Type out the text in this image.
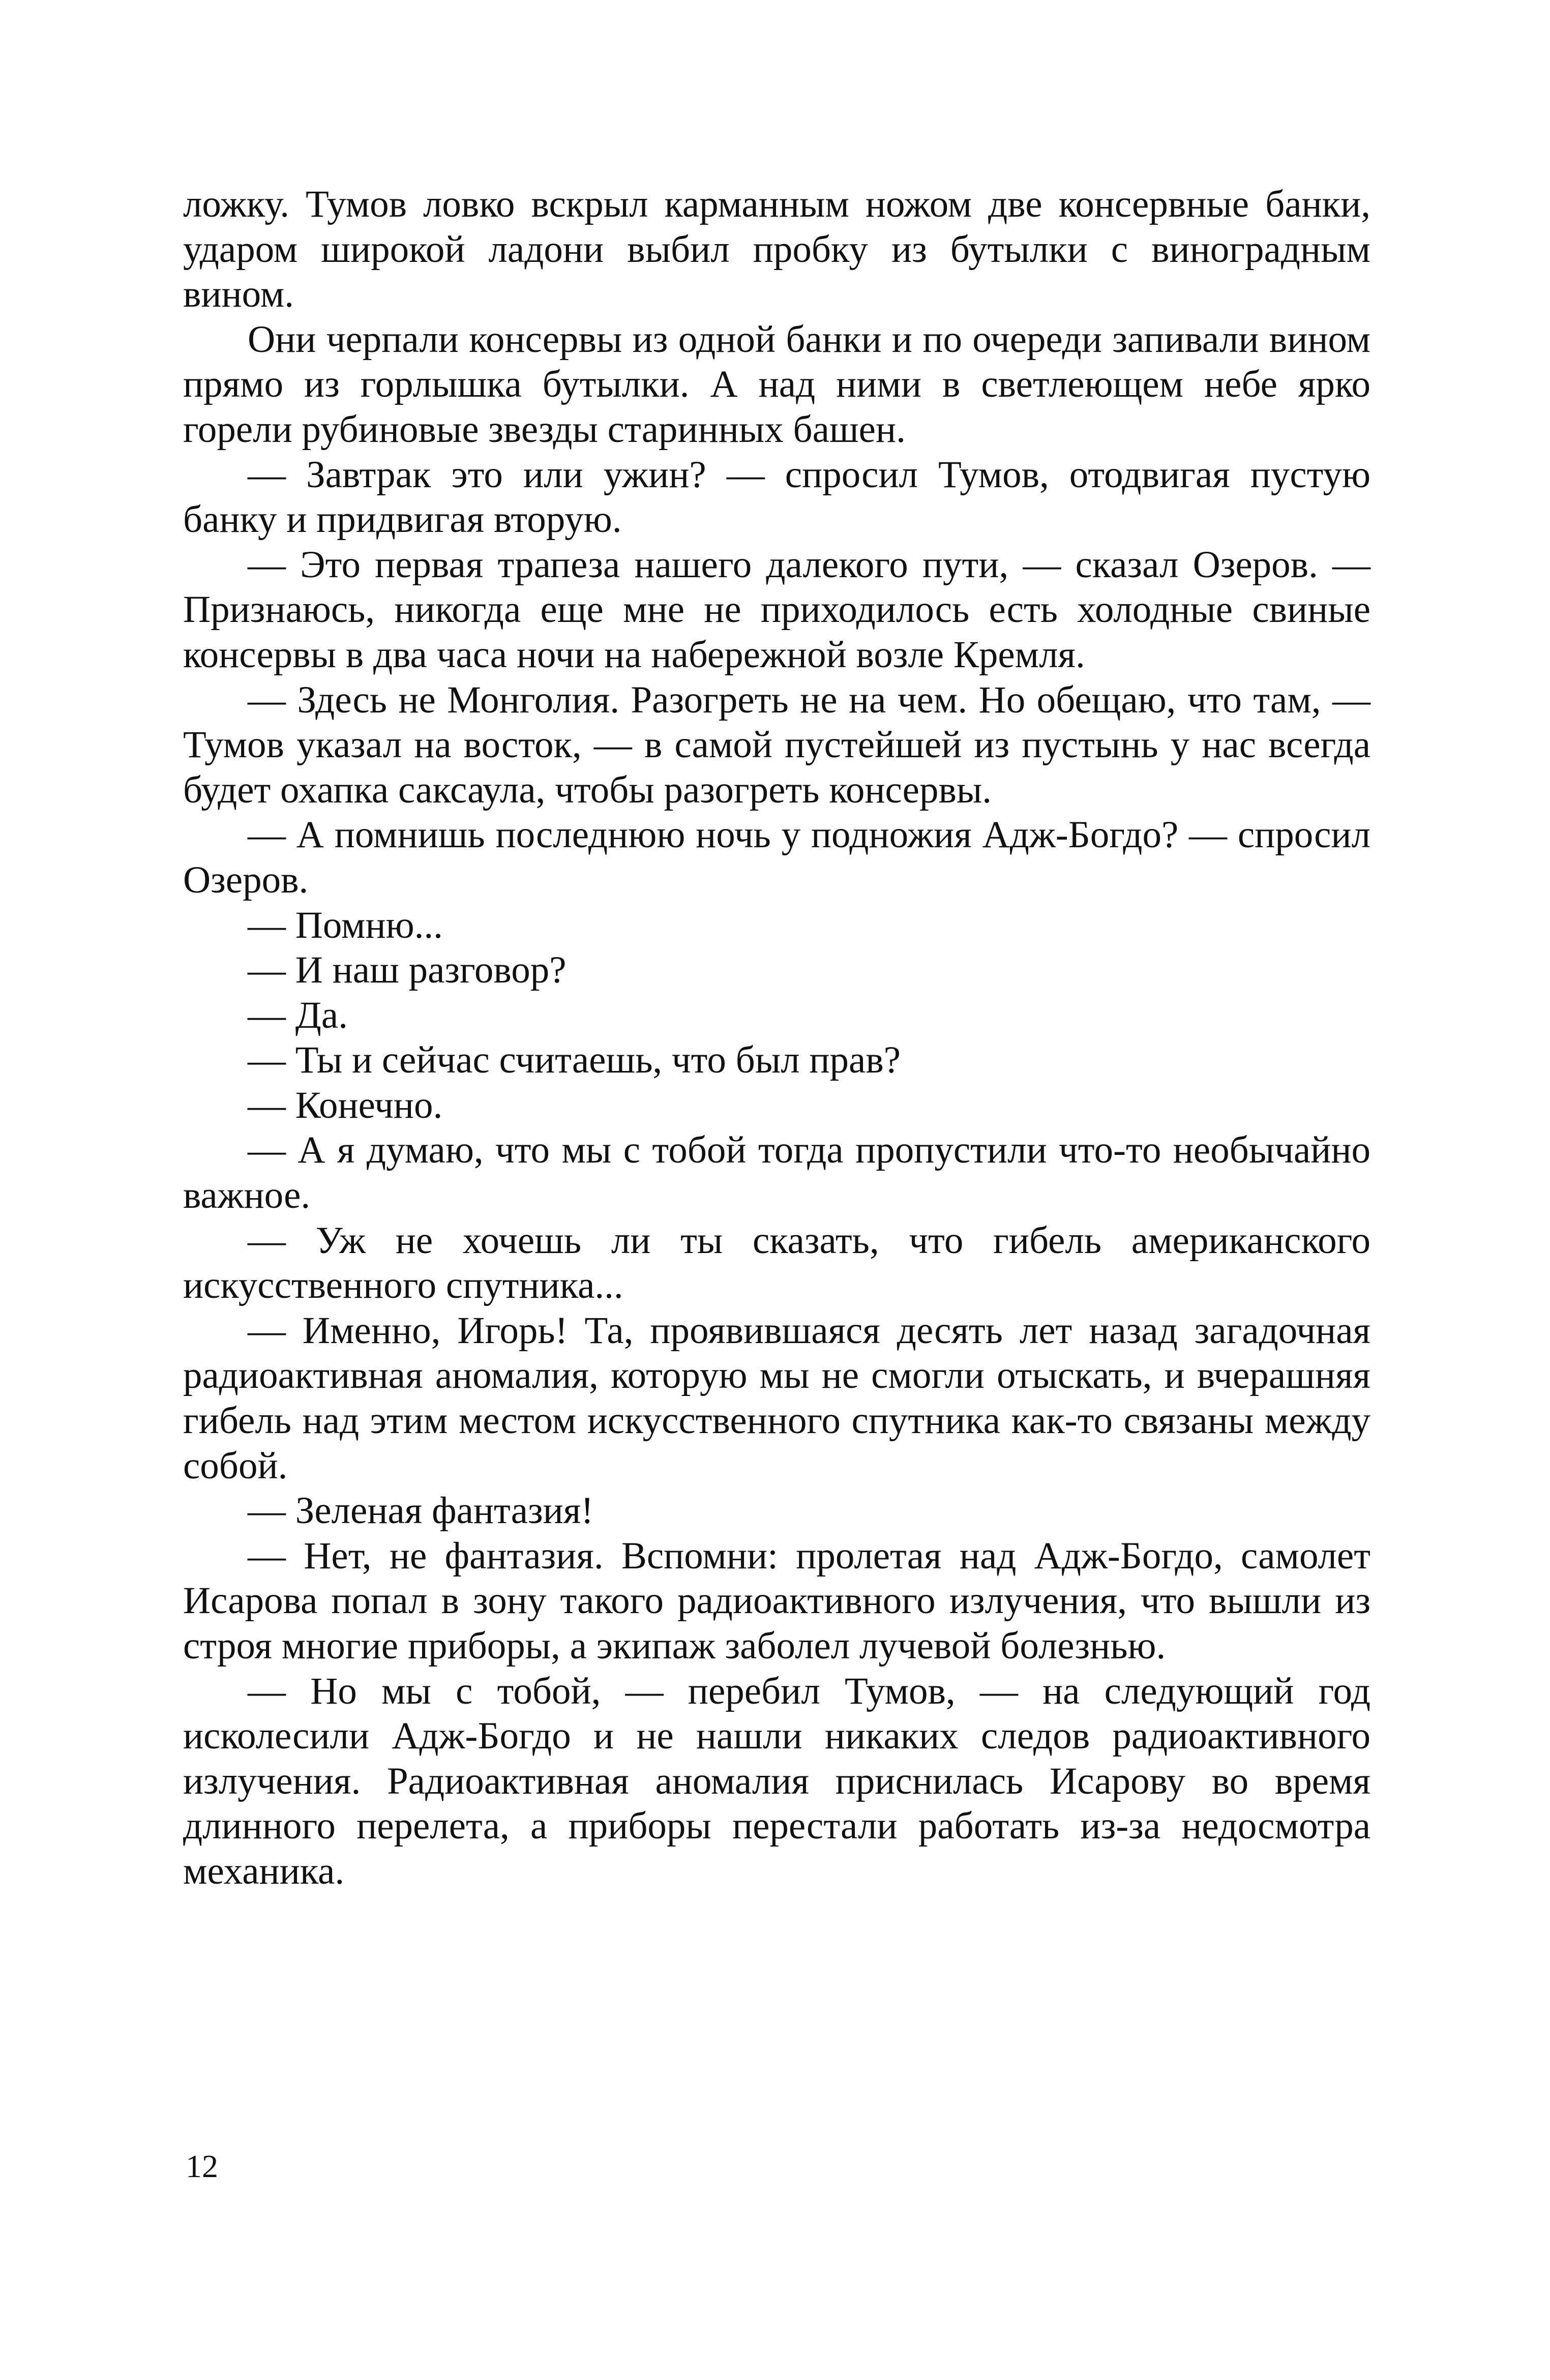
ложку. Тумов ловко вскрыл карманным ножом две консервные банки, ударом широкой ладони выбил пробку из бутылки с виноградным вином.

Они черпали консервы из одной банки и по очереди запивали вином прямо из горлышка бутылки. А над ними в светлеющем небе ярко горели рубиновые звезды старинных башен.

— Завтрак это или ужин? — спросил Тумов, отодвигая пустую банку и придвигая вторую.

— Это первая трапеза нашего далекого пути, — сказал Озеров. — Признаюсь, никогда еще мне не приходилось есть холодные свиные консервы в два часа ночи на набережной возле Кремля.

— Здесь не Монголия. Разогреть не на чем. Но обещаю, что там, — Тумов указал на восток, — в самой пустейшей из пустынь у нас всегда будет охапка саксаула, чтобы разогреть консервы.

— А помнишь последнюю ночь у подножия Адж-Богдо? — спросил Озеров.

— Помню...

— И наш разговор?

— Да.

— Ты и сейчас считаешь, что был прав?

— Конечно.

— А я думаю, что мы с тобой тогда пропустили что-то необычайно важное.

— Уж не хочешь ли ты сказать, что гибель американского искусственного спутника...

— Именно, Игорь! Та, проявившаяся десять лет назад загадочная радиоактивная аномалия, которую мы не смогли отыскать, и вчерашняя гибель над этим местом искусственного спутника как-то связаны между собой.

— Зеленая фантазия!

— Нет, не фантазия. Вспомни: пролетая над Адж-Богдо, самолет Исарова попал в зону такого радиоактивного излучения, что вышли из строя многие приборы, а экипаж заболел лучевой болезнью.

— Но мы с тобой, — перебил Тумов, — на следующий год исколесили Адж-Богдо и не нашли никаких следов радиоактивного излучения. Радиоактивная аномалия приснилась Исарову во время длинного перелета, а приборы перестали работать из-за недосмотра механика.

12
